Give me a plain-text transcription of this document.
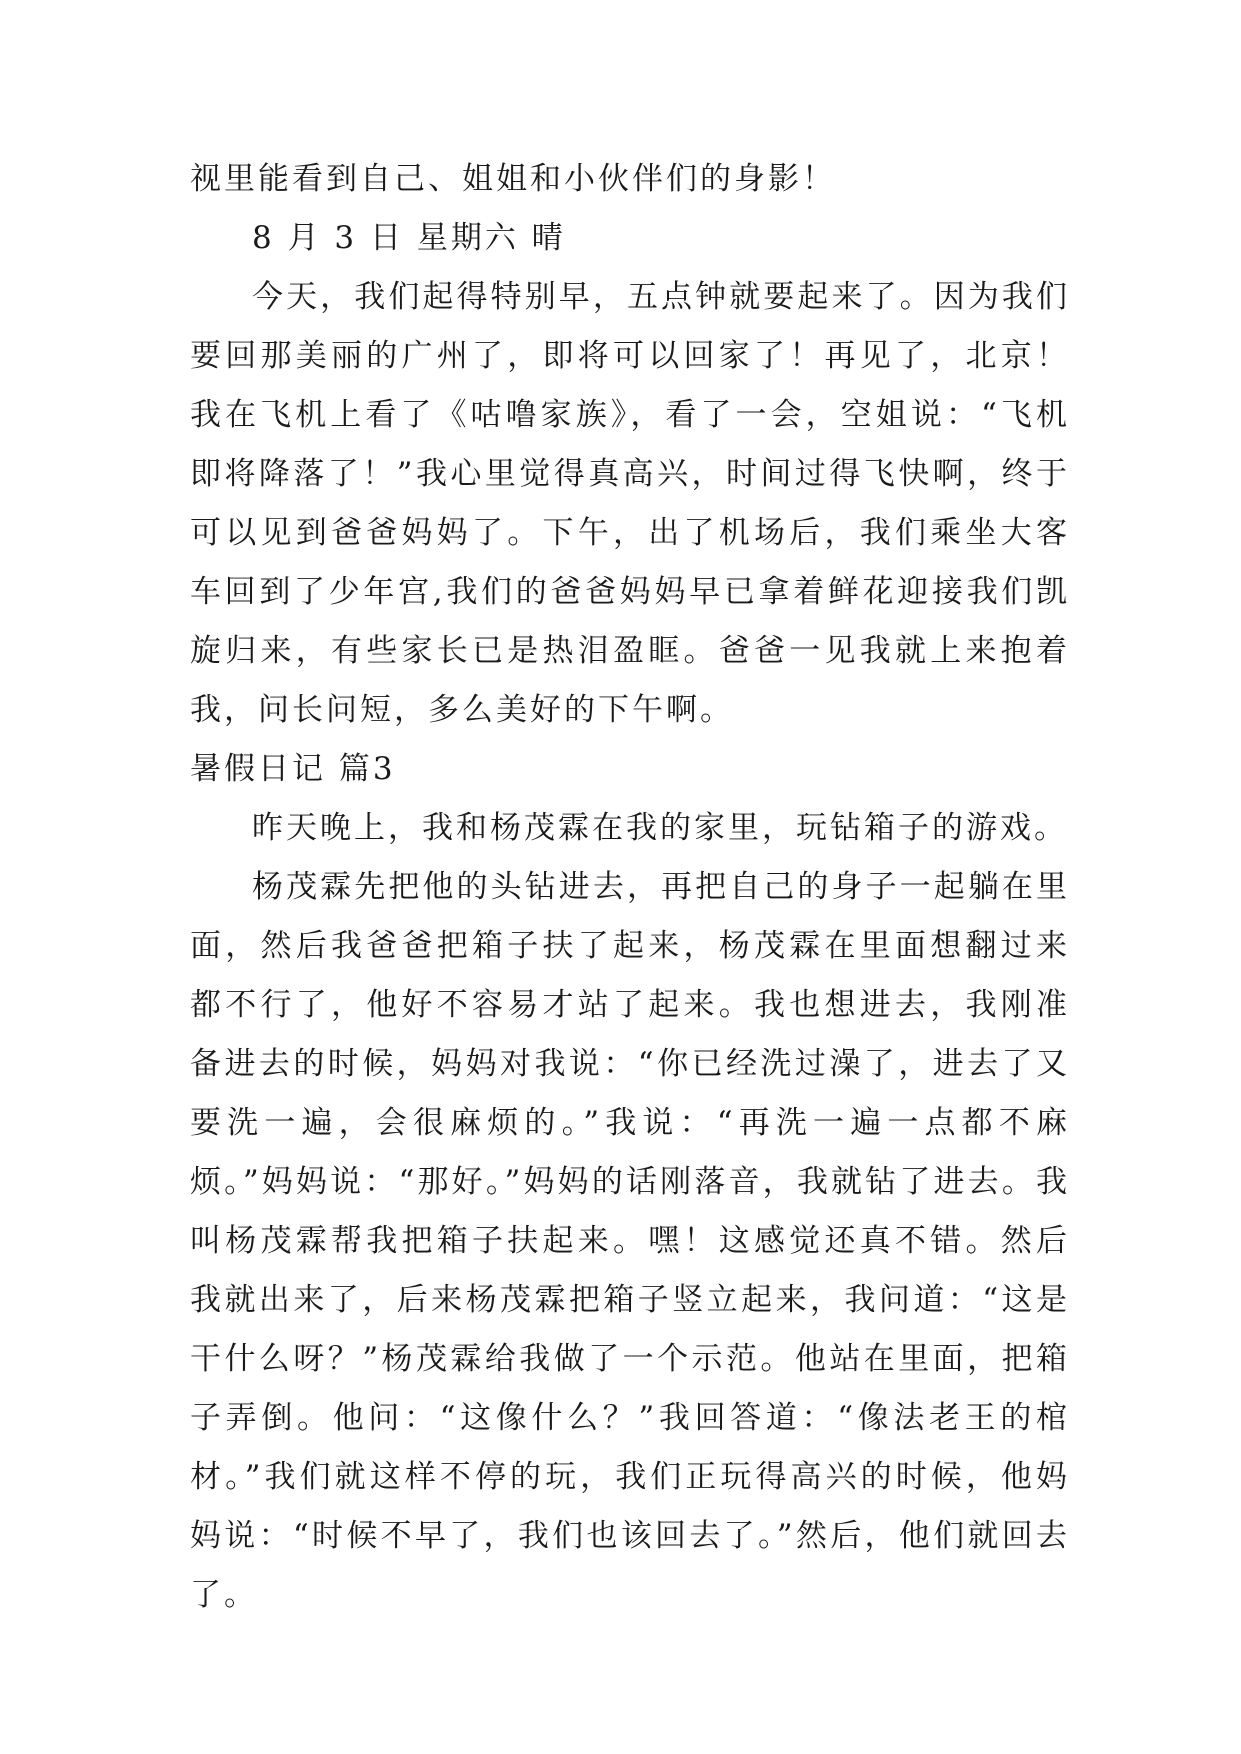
视里能看到自己、姐姐和小伙伴们的身影！

8 月 3 日 星期六 晴

今天，我们起得特别早，五点钟就要起来了。因为我们要回那美丽的广州了，即将可以回家了！再见了，北京！我在飞机上看了《咕噜家族》，看了一会，空姐说：“飞机即将降落了！”我心里觉得真高兴，时间过得飞快啊，终于可以见到爸爸妈妈了。下午，出了机场后，我们乘坐大客车回到了少年宫,我们的爸爸妈妈早已拿着鲜花迎接我们凯旋归来，有些家长已是热泪盈眶。爸爸一见我就上来抱着我，问长问短，多么美好的下午啊。

暑假日记 篇3

昨天晚上，我和杨茂霖在我的家里，玩钻箱子的游戏。

杨茂霖先把他的头钻进去，再把自己的身子一起躺在里面，然后我爸爸把箱子扶了起来，杨茂霖在里面想翻过来都不行了，他好不容易才站了起来。我也想进去，我刚准备进去的时候，妈妈对我说：“你已经洗过澡了，进去了又要洗一遍，会很麻烦的。”我说：“再洗一遍一点都不麻烦。”妈妈说：“那好。”妈妈的话刚落音，我就钻了进去。我叫杨茂霖帮我把箱子扶起来。嘿！这感觉还真不错。然后我就出来了，后来杨茂霖把箱子竖立起来，我问道：“这是干什么呀？”杨茂霖给我做了一个示范。他站在里面，把箱子弄倒。他问：“这像什么？”我回答道：“像法老王的棺材。”我们就这样不停的玩，我们正玩得高兴的时候，他妈妈说：“时候不早了，我们也该回去了。”然后，他们就回去了。
